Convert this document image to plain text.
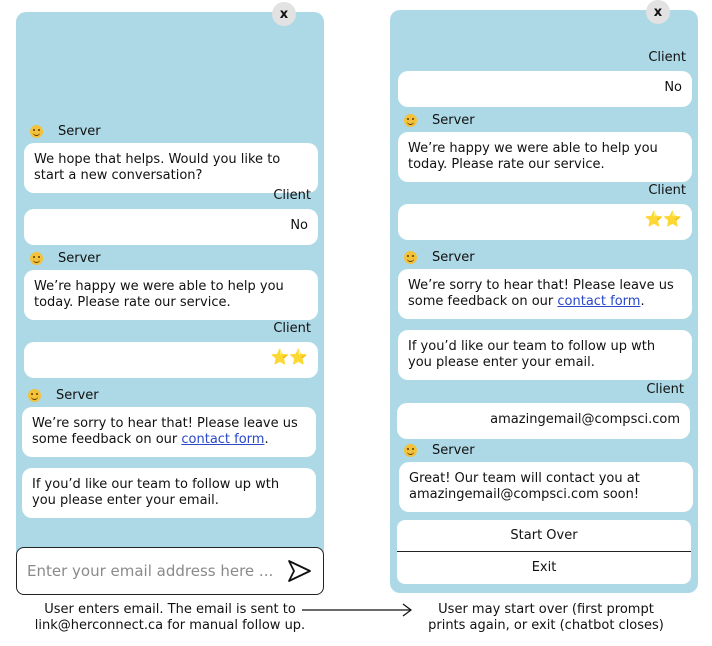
x
Server
We hope that helps. Would you like to start a new conversation?
Client
No
Server
We’re happy we were able to help you today. Please rate our service.
Client
⭐⭐
Server
We’re sorry to hear that! Please leave us some feedback on our contact form.
If you’d like our team to follow up wth you please enter your email.
Enter your email address here ...
x
Client
No
Server
We’re happy we were able to help you today. Please rate our service.
Client
⭐⭐
Server
We’re sorry to hear that! Please leave us some feedback on our contact form.
If you’d like our team to follow up wth you please enter your email.
Client
amazingemail@compsci.com
Server
Great! Our team will contact you at amazingemail@compsci.com soon!
Start Over
Exit
User enters email. The email is sent to link@herconnect.ca for manual follow up.
User may start over (first prompt prints again, or exit (chatbot closes)
